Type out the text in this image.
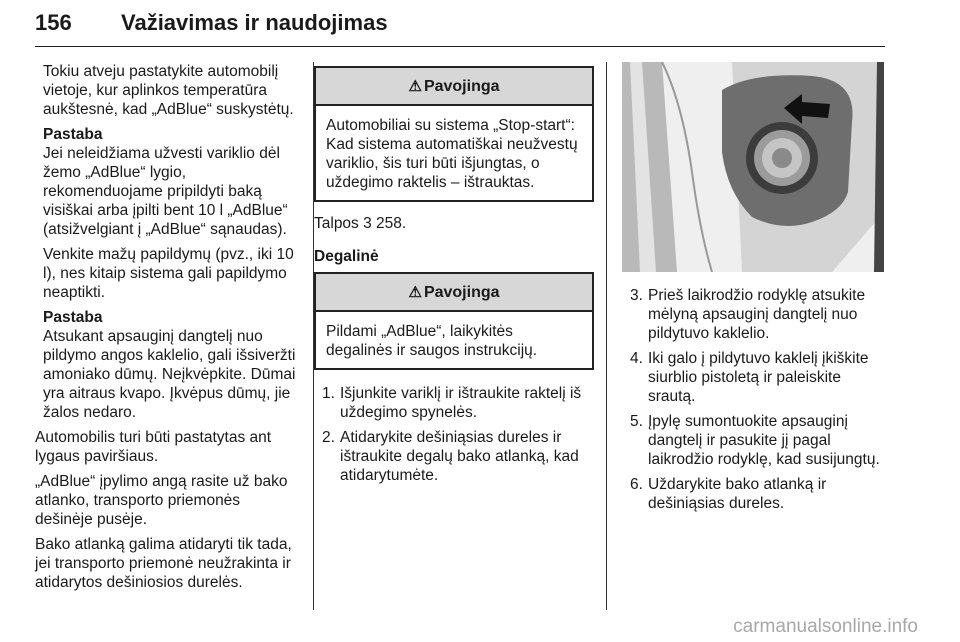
156 Važiavimas ir naudojimas

Tokiu atveju pastatykite automobilį vietoje, kur aplinkos temperatūra aukštesnė, kad „AdBlue“ suskystėtų.

Pastaba

Jei neleidžiama užvesti variklio dėl žemo „AdBlue“ lygio, rekomenduojame pripildyti baką visiškai arba įpilti bent 10 l „AdBlue“ (atsižvelgiant į „AdBlue“ sąnaudas).

Venkite mažų papildymų (pvz., iki 10 l), nes kitaip sistema gali papildymo neaptikti.

Pastaba

Atsukant apsauginį dangtelį nuo pildymo angos kaklelio, gali išsiveržti amoniako dūmų. Neįkvėpkite. Dūmai yra aitraus kvapo. Įkvėpus dūmų, jie žalos nedaro.

Automobilis turi būti pastatytas ant lygaus paviršiaus.

„AdBlue“ įpylimo angą rasite už bako atlanko, transporto priemonės dešinėje pusėje.

Bako atlanką galima atidaryti tik tada, jei transporto priemonė neužrakinta ir atidarytos dešiniosios durelės.

⚠ Pavojinga
Automobiliai su sistema „Stop-start“: Kad sistema automatiškai neužvestų variklio, šis turi būti išjungtas, o uždegimo raktelis – ištrauktas.

Talpos 3 258.

Degalinė

⚠ Pavojinga
Pildami „AdBlue“, laikykitės degalinės ir saugos instrukcijų.
1. Išjunkite variklį ir ištraukite raktelį iš uždegimo spynelės.
2. Atidarykite dešiniąsias dureles ir ištraukite degalų bako atlanką, kad atidarytumėte.
3. Prieš laikrodžio rodyklę atsukite mėlyną apsauginį dangtelį nuo pildytuvo kaklelio.
4. Iki galo į pildytuvo kaklelį įkiškite siurblio pistoletą ir paleiskite srautą.
5. Įpylę sumontuokite apsauginį dangtelį ir pasukite jį pagal laikrodžio rodyklę, kad susijungtų.
6. Uždarykite bako atlanką ir dešiniąsias dureles.
carmanualsonline.info
